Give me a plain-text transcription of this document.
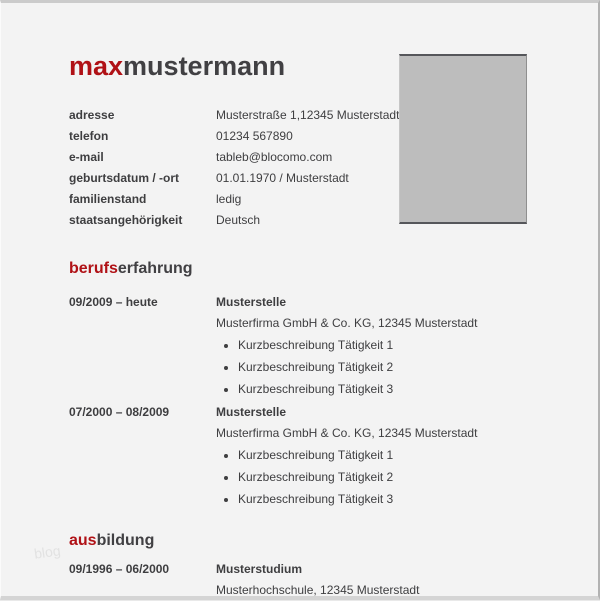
blog
maxmustermann
adresse	Musterstraße 1,12345 Musterstadt
telefon	01234 567890
e-mail	tableb@blocomo.com
geburtsdatum / -ort	01.01.1970 / Musterstadt
familienstand	ledig
staatsangehörigkeit	Deutsch
berufserfahrung
09/2009 – heute	Musterstelle
Musterfirma GmbH & Co. KG, 12345 Musterstadt
• Kurzbeschreibung Tätigkeit 1
• Kurzbeschreibung Tätigkeit 2
• Kurzbeschreibung Tätigkeit 3
07/2000 – 08/2009	Musterstelle
Musterfirma GmbH & Co. KG, 12345 Musterstadt
• Kurzbeschreibung Tätigkeit 1
• Kurzbeschreibung Tätigkeit 2
• Kurzbeschreibung Tätigkeit 3
ausbildung
09/1996 – 06/2000	Musterstudium
Musterhochschule, 12345 Musterstadt
